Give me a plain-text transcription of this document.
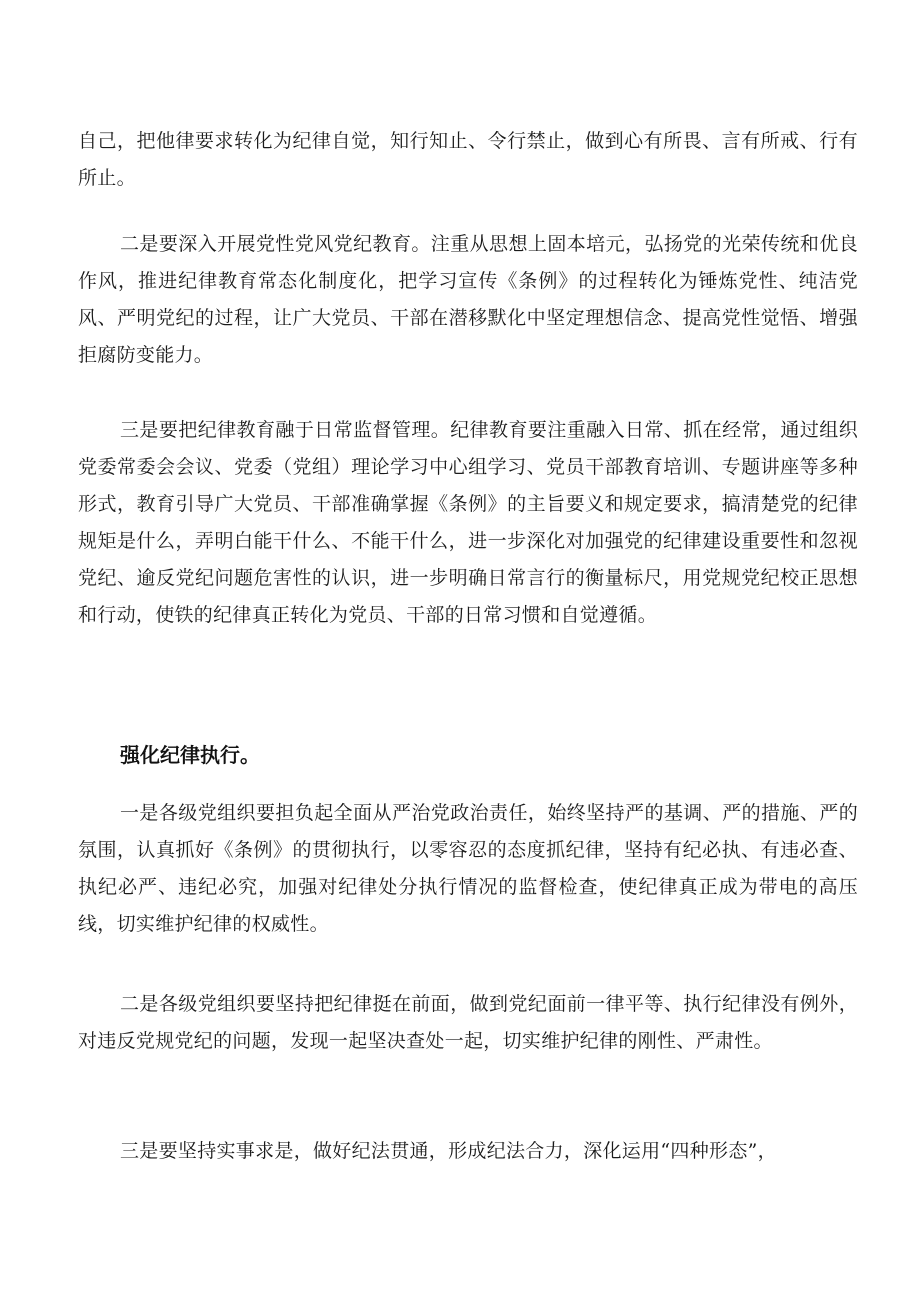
自己，把他律要求转化为纪律自觉，知行知止、令行禁止，做到心有所畏、言有所戒、行有所止。

二是要深入开展党性党风党纪教育。注重从思想上固本培元，弘扬党的光荣传统和优良作风，推进纪律教育常态化制度化，把学习宣传《条例》的过程转化为锤炼党性、纯洁党风、严明党纪的过程，让广大党员、干部在潜移默化中坚定理想信念、提高党性觉悟、增强拒腐防变能力。

三是要把纪律教育融于日常监督管理。纪律教育要注重融入日常、抓在经常，通过组织党委常委会会议、党委（党组）理论学习中心组学习、党员干部教育培训、专题讲座等多种形式，教育引导广大党员、干部准确掌握《条例》的主旨要义和规定要求，搞清楚党的纪律规矩是什么，弄明白能干什么、不能干什么，进一步深化对加强党的纪律建设重要性和忽视党纪、逾反党纪问题危害性的认识，进一步明确日常言行的衡量标尺，用党规党纪校正思想和行动，使铁的纪律真正转化为党员、干部的日常习惯和自觉遵循。

强化纪律执行。

一是各级党组织要担负起全面从严治党政治责任，始终坚持严的基调、严的措施、严的氛围，认真抓好《条例》的贯彻执行，以零容忍的态度抓纪律，坚持有纪必执、有违必查、执纪必严、违纪必究，加强对纪律处分执行情况的监督检查，使纪律真正成为带电的高压线，切实维护纪律的权威性。

二是各级党组织要坚持把纪律挺在前面，做到党纪面前一律平等、执行纪律没有例外，对违反党规党纪的问题，发现一起坚决查处一起，切实维护纪律的刚性、严肃性。

三是要坚持实事求是，做好纪法贯通，形成纪法合力，深化运用“四种形态”，
